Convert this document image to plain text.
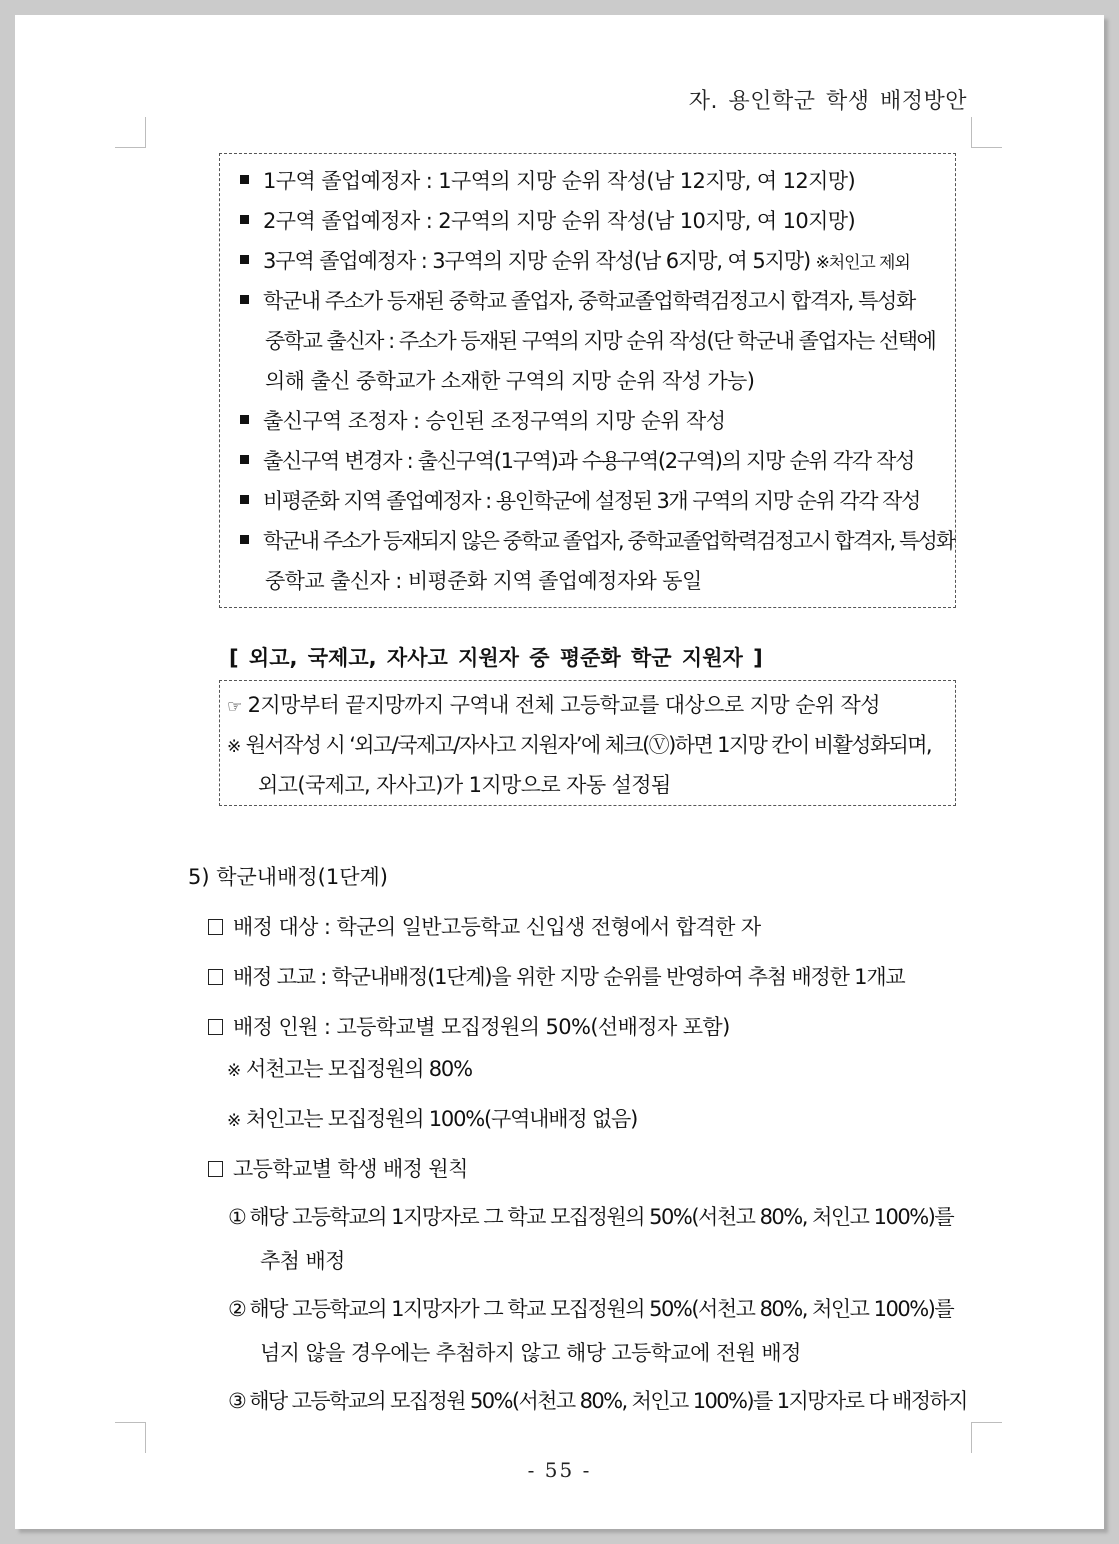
자. 용인학군 학생 배정방안
1구역 졸업예정자 : 1구역의 지망 순위 작성(남 12지망, 여 12지망)
2구역 졸업예정자 : 2구역의 지망 순위 작성(남 10지망, 여 10지망)
3구역 졸업예정자 : 3구역의 지망 순위 작성(남 6지망, 여 5지망) ※처인고 제외
학군내 주소가 등재된 중학교 졸업자, 중학교졸업학력검정고시 합격자, 특성화
중학교 출신자 : 주소가 등재된 구역의 지망 순위 작성(단 학군내 졸업자는 선택에
의해 출신 중학교가 소재한 구역의 지망 순위 작성 가능)
출신구역 조정자 : 승인된 조정구역의 지망 순위 작성
출신구역 변경자 : 출신구역(1구역)과 수용구역(2구역)의 지망 순위 각각 작성
비평준화 지역 졸업예정자 : 용인학군에 설정된 3개 구역의 지망 순위 각각 작성
학군내 주소가 등재되지 않은 중학교 졸업자, 중학교졸업학력검정고시 합격자, 특성화
중학교 출신자 : 비평준화 지역 졸업예정자와 동일
[ 외고, 국제고, 자사고 지원자 중 평준화 학군 지원자 ]
☞ 2지망부터 끝지망까지 구역내 전체 고등학교를 대상으로 지망 순위 작성
※ 원서작성 시 ‘외고/국제고/자사고 지원자’에 체크(Ⓥ)하면 1지망 칸이 비활성화되며,
외고(국제고, 자사고)가 1지망으로 자동 설정됨
5) 학군내배정(1단계)
배정 대상 : 학군의 일반고등학교 신입생 전형에서 합격한 자
배정 고교 : 학군내배정(1단계)을 위한 지망 순위를 반영하여 추첨 배정한 1개교
배정 인원 : 고등학교별 모집정원의 50%(선배정자 포함)
※ 서천고는 모집정원의 80%
※ 처인고는 모집정원의 100%(구역내배정 없음)
고등학교별 학생 배정 원칙
① 해당 고등학교의 1지망자로 그 학교 모집정원의 50%(서천고 80%, 처인고 100%)를
추첨 배정
② 해당 고등학교의 1지망자가 그 학교 모집정원의 50%(서천고 80%, 처인고 100%)를
넘지 않을 경우에는 추첨하지 않고 해당 고등학교에 전원 배정
③ 해당 고등학교의 모집정원 50%(서천고 80%, 처인고 100%)를 1지망자로 다 배정하지
- 55 -
